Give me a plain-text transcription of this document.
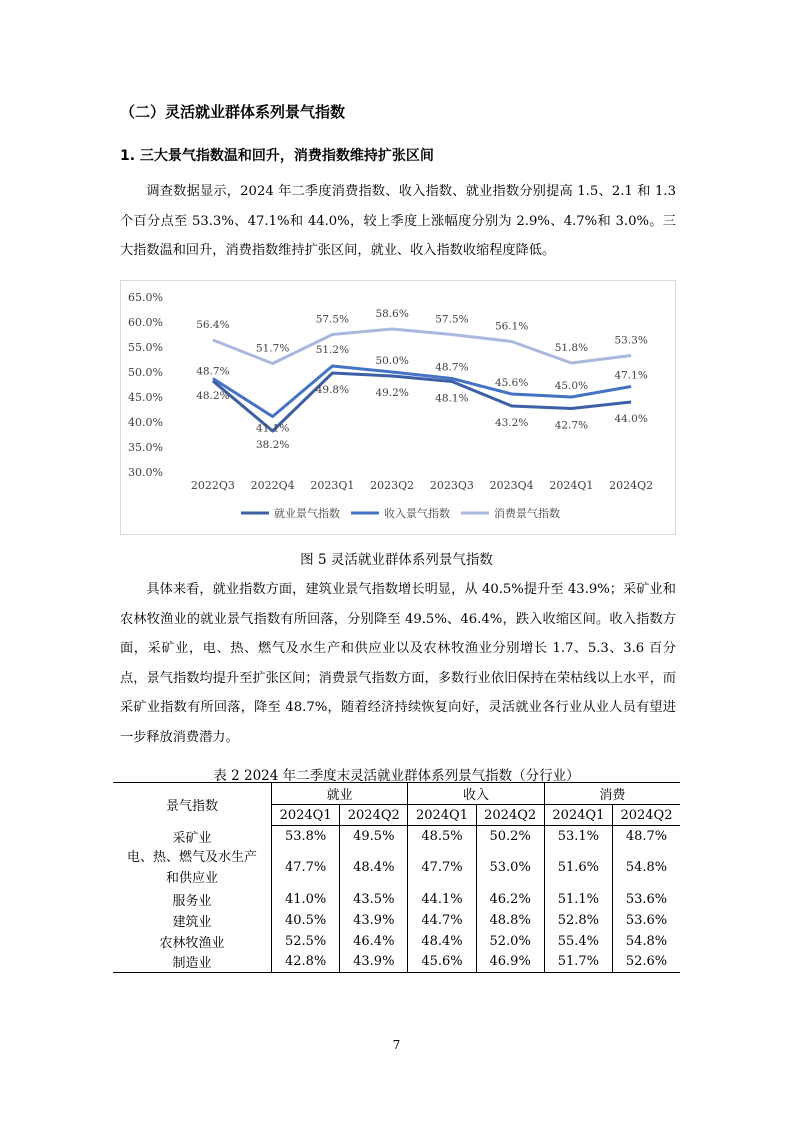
（二）灵活就业群体系列景气指数
1. 三大景气指数温和回升，消费指数维持扩张区间

调查数据显示，2024 年二季度消费指数、收入指数、就业指数分别提高 1.5、2.1 和 1.3 个百分点至 53.3%、47.1%和 44.0%，较上季度上涨幅度分别为 2.9%、4.7%和 3.0%。三大指数温和回升，消费指数维持扩张区间，就业、收入指数收缩程度降低。

65.0%
60.0%
55.0%
50.0%
45.0%
40.0%
35.0%
30.0%
2022Q3 2022Q4 2023Q1 2023Q2 2023Q3 2023Q4 2024Q1 2024Q2
56.4%
51.7%
57.5%	58.6%	57.5%
56.1%
51.8%
53.3%
48.7%
41.1%
51.2%
50.0%
48.7%
45.6%	45.0%
47.1%
48.2%
38.2%
49.8%	49.2%	48.1%
43.2%	42.7%
44.0%
就业景气指数	收入景气指数	消费景气指数
图 5 灵活就业群体系列景气指数

具体来看，就业指数方面，建筑业景气指数增长明显，从 40.5%提升至 43.9%；采矿业和农林牧渔业的就业景气指数有所回落，分别降至 49.5%、46.4%，跌入收缩区间。收入指数方面，采矿业，电、热、燃气及水生产和供应业以及农林牧渔业分别增长 1.7、5.3、3.6 百分点，景气指数均提升至扩张区间；消费景气指数方面，多数行业依旧保持在荣枯线以上水平，而采矿业指数有所回落，降至 48.7%，随着经济持续恢复向好，灵活就业各行业从业人员有望进一步释放消费潜力。

表 2 2024 年二季度末灵活就业群体系列景气指数（分行业）
景气指数	就业		收入		消费	
	2024Q1	2024Q2	2024Q1	2024Q2	2024Q1	2024Q2
采矿业	53.8%	49.5%	48.5%	50.2%	53.1%	48.7%
电、热、燃气及水生产和供应业	47.7%	48.4%	47.7%	53.0%	51.6%	54.8%
服务业	41.0%	43.5%	44.1%	46.2%	51.1%	53.6%
建筑业	40.5%	43.9%	44.7%	48.8%	52.8%	53.6%
农林牧渔业	52.5%	46.4%	48.4%	52.0%	55.4%	54.8%
制造业	42.8%	43.9%	45.6%	46.9%	51.7%	52.6%
7
